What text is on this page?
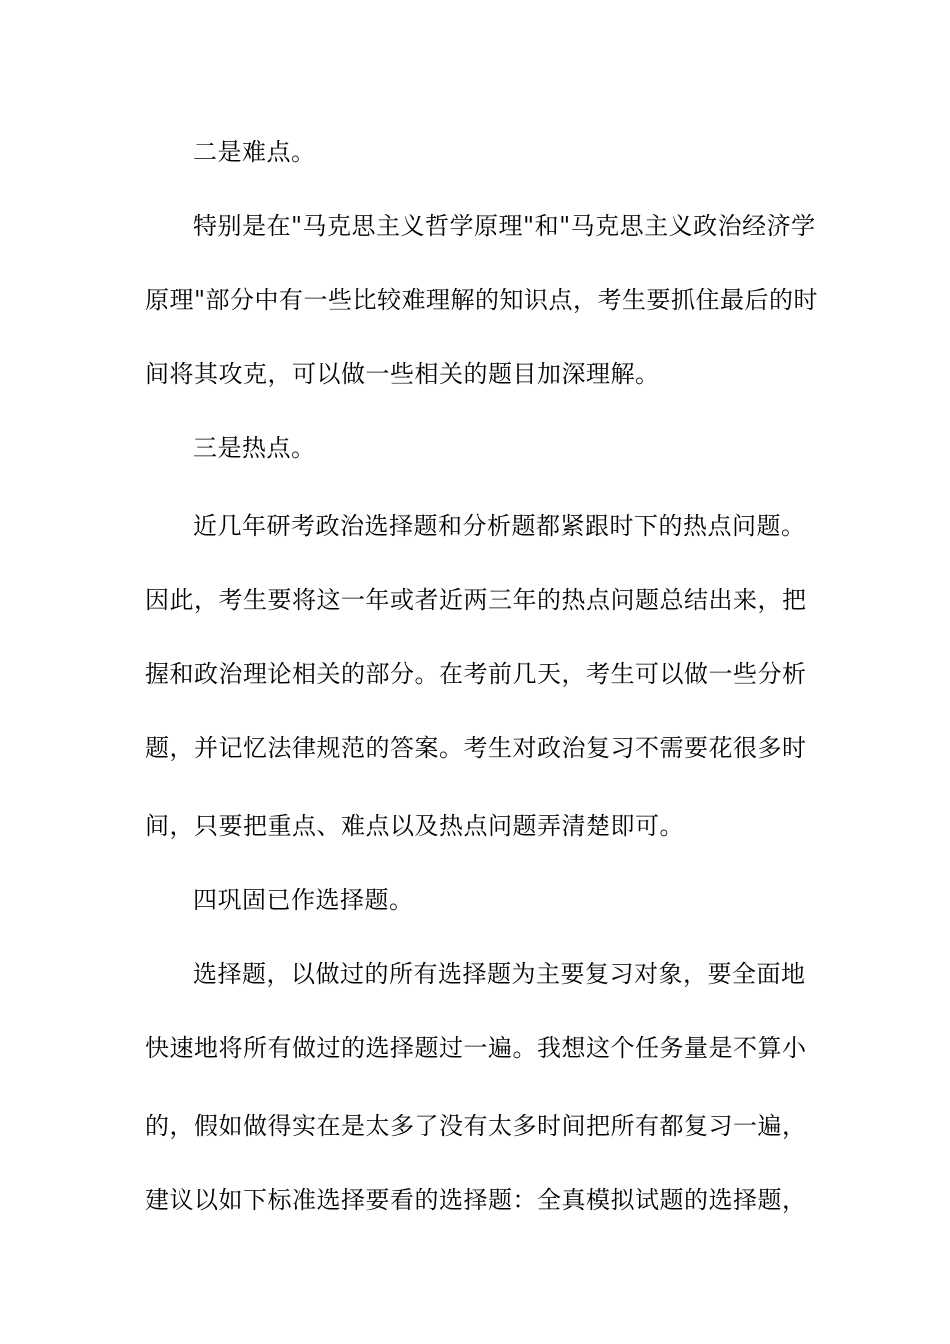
二是难点。
特别是在"马克思主义哲学原理"和"马克思主义政治经济学
原理"部分中有一些比较难理解的知识点，考生要抓住最后的时
间将其攻克，可以做一些相关的题目加深理解。
三是热点。
近几年研考政治选择题和分析题都紧跟时下的热点问题。
因此，考生要将这一年或者近两三年的热点问题总结出来，把
握和政治理论相关的部分。在考前几天，考生可以做一些分析
题，并记忆法律规范的答案。考生对政治复习不需要花很多时
间，只要把重点、难点以及热点问题弄清楚即可。
四巩固已作选择题。
选择题，以做过的所有选择题为主要复习对象，要全面地
快速地将所有做过的选择题过一遍。我想这个任务量是不算小
的，假如做得实在是太多了没有太多时间把所有都复习一遍，
建议以如下标准选择要看的选择题：全真模拟试题的选择题，
